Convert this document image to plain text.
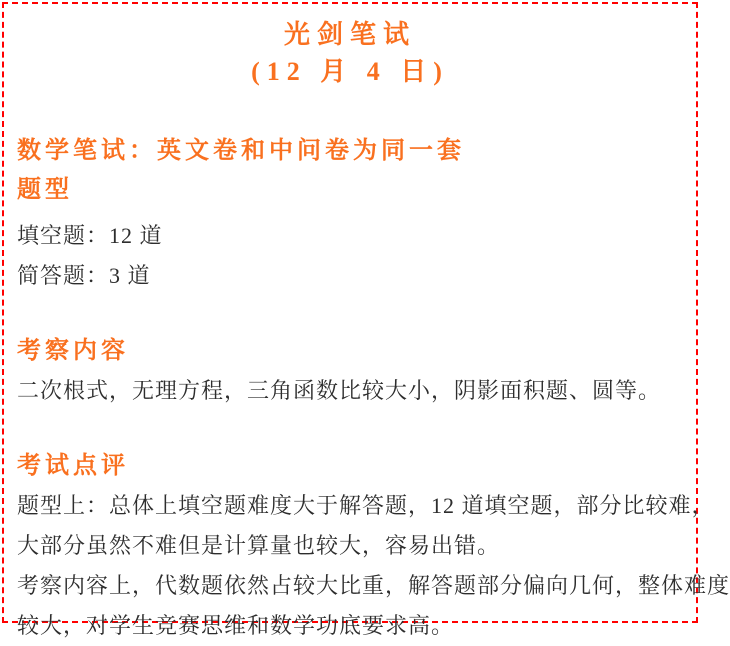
光剑笔试
(12 月 4 日)
数学笔试：英文卷和中问卷为同一套
题型
填空题：12 道
简答题：3 道
考察内容
二次根式，无理方程，三角函数比较大小，阴影面积题、圆等。
考试点评
题型上：总体上填空题难度大于解答题，12 道填空题，部分比较难，
大部分虽然不难但是计算量也较大，容易出错。
考察内容上，代数题依然占较大比重，解答题部分偏向几何，整体难度
较大，对学生竞赛思维和数学功底要求高。
